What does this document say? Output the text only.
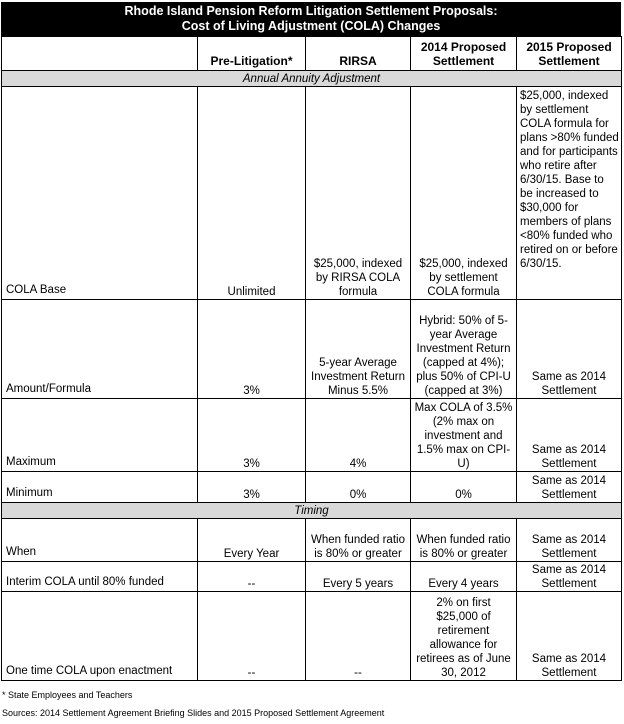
Rhode Island Pension Reform Litigation Settlement Proposals:
Cost of Living Adjustment (COLA) Changes
	Pre-Litigation*	RIRSA	2014 Proposed Settlement	2015 Proposed Settlement
Annual Annuity Adjustment				
COLA Base	Unlimited	$25,000, indexed by RIRSA COLA formula	$25,000, indexed by settlement COLA formula	$25,000, indexed by settlement COLA formula for plans >80% funded and for participants who retire after 6/30/15. Base to be increased to $30,000 for members of plans <80% funded who retired on or before 6/30/15.
Amount/Formula	3%	5-year Average Investment Return Minus 5.5%	Hybrid: 50% of 5-year Average Investment Return (capped at 4%); plus 50% of CPI-U (capped at 3%)	Same as 2014 Settlement
Maximum	3%	4%	Max COLA of 3.5% (2% max on investment and 1.5% max on CPI-U)	Same as 2014 Settlement
Minimum	3%	0%	0%	Same as 2014 Settlement
Timing				
When	Every Year	When funded ratio is 80% or greater	When funded ratio is 80% or greater	Same as 2014 Settlement
Interim COLA until 80% funded	--	Every 5 years	Every 4 years	Same as 2014 Settlement
One time COLA upon enactment	--	--	2% on first $25,000 of retirement allowance for retirees as of June 30, 2012	Same as 2014 Settlement
* State Employees and Teachers
Sources: 2014 Settlement Agreement Briefing Slides and 2015 Proposed Settlement Agreement
